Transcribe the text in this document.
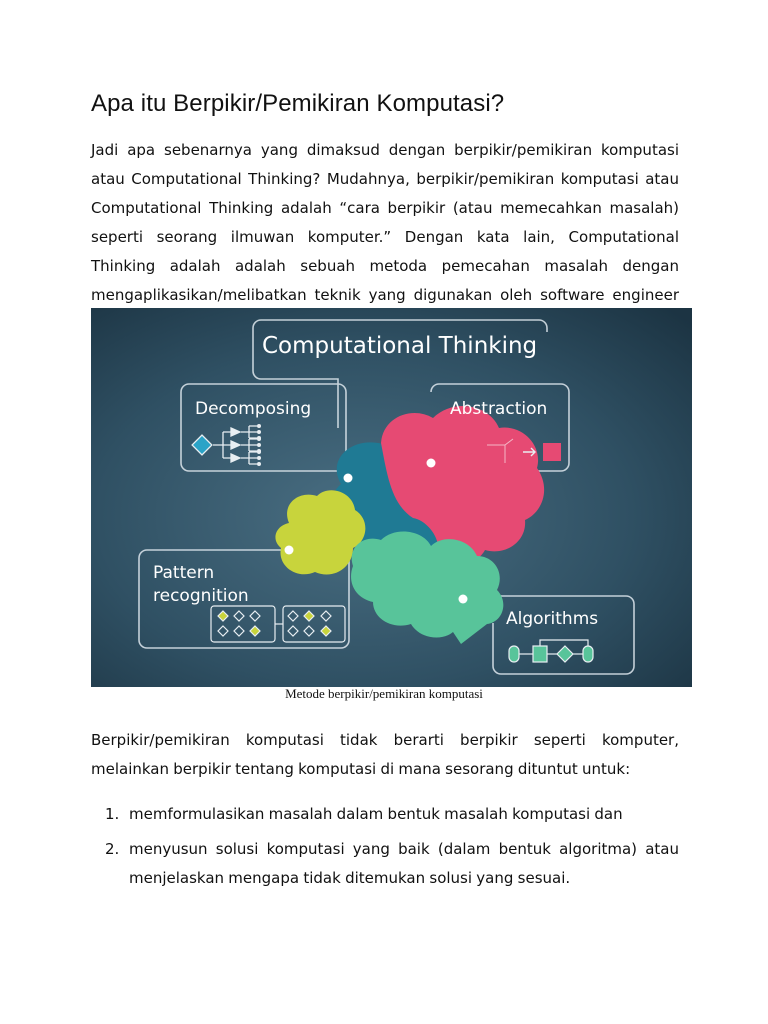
Apa itu Berpikir/Pemikiran Komputasi?

Jadi apa sebenarnya yang dimaksud dengan berpikir/pemikiran komputasi atau Computational Thinking? Mudahnya, berpikir/pemikiran komputasi atau Computational Thinking adalah “cara berpikir (atau memecahkan masalah) seperti seorang ilmuwan komputer.” Dengan kata lain, Computational Thinking adalah adalah sebuah metoda pemecahan masalah dengan mengaplikasikan/melibatkan teknik yang digunakan oleh software engineer

Computational Thinking
Decomposing	Abstraction
Pattern
recognition
Algorithms

Metode berpikir/pemikiran komputasi

Berpikir/pemikiran komputasi tidak berarti berpikir seperti komputer, melainkan berpikir tentang komputasi di mana sesorang dituntut untuk:

1. memformulasikan masalah dalam bentuk masalah komputasi dan
2. menyusun solusi komputasi yang baik (dalam bentuk algoritma) atau menjelaskan mengapa tidak ditemukan solusi yang sesuai.
